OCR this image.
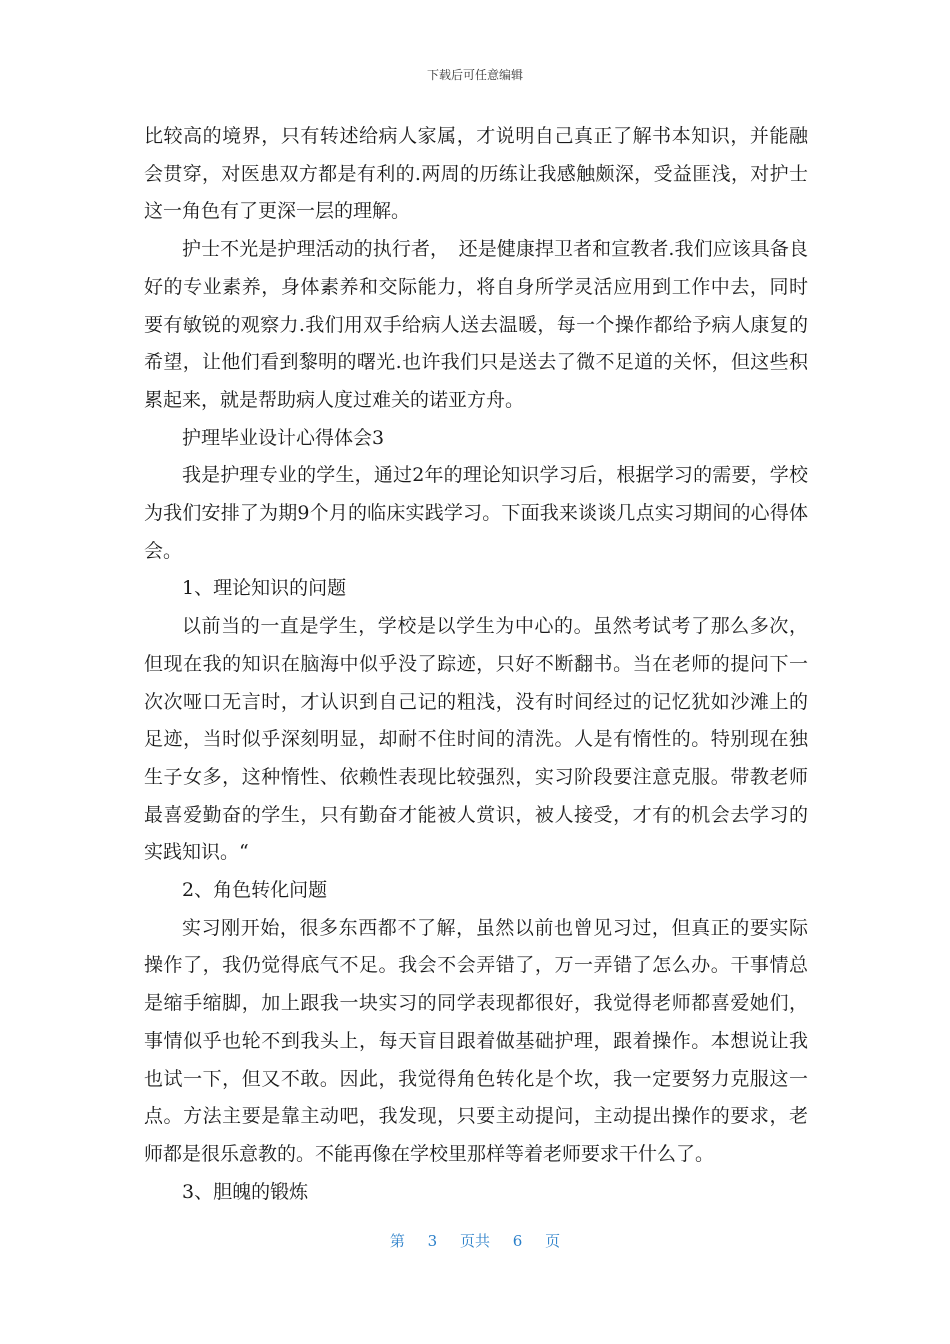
下载后可任意编辑

比较高的境界，只有转述给病人家属，才说明自己真正了解书本知识，并能融会贯穿，对医患双方都是有利的.两周的历练让我感触颇深，受益匪浅，对护士这一角色有了更深一层的理解。

护士不光是护理活动的执行者，　还是健康捍卫者和宣教者.我们应该具备良好的专业素养，身体素养和交际能力，将自身所学灵活应用到工作中去，同时要有敏锐的观察力.我们用双手给病人送去温暖，每一个操作都给予病人康复的希望，让他们看到黎明的曙光.也许我们只是送去了微不足道的关怀，但这些积累起来，就是帮助病人度过难关的诺亚方舟。

护理毕业设计心得体会3

我是护理专业的学生，通过2年的理论知识学习后，根据学习的需要，学校为我们安排了为期9个月的临床实践学习。下面我来谈谈几点实习期间的心得体会。

1、理论知识的问题

以前当的一直是学生，学校是以学生为中心的。虽然考试考了那么多次，但现在我的知识在脑海中似乎没了踪迹，只好不断翻书。当在老师的提问下一次次哑口无言时，才认识到自己记的粗浅，没有时间经过的记忆犹如沙滩上的足迹，当时似乎深刻明显，却耐不住时间的清洗。人是有惰性的。特别现在独生子女多，这种惰性、依赖性表现比较强烈，实习阶段要注意克服。带教老师最喜爱勤奋的学生，只有勤奋才能被人赏识，被人接受，才有的机会去学习的实践知识。“

2、角色转化问题

实习刚开始，很多东西都不了解，虽然以前也曾见习过，但真正的要实际操作了，我仍觉得底气不足。我会不会弄错了，万一弄错了怎么办。干事情总是缩手缩脚，加上跟我一块实习的同学表现都很好，我觉得老师都喜爱她们，事情似乎也轮不到我头上，每天盲目跟着做基础护理，跟着操作。本想说让我也试一下，但又不敢。因此，我觉得角色转化是个坎，我一定要努力克服这一点。方法主要是靠主动吧，我发现，只要主动提问，主动提出操作的要求，老师都是很乐意教的。不能再像在学校里那样等着老师要求干什么了。

3、胆魄的锻炼

第 3 页共 6 页
